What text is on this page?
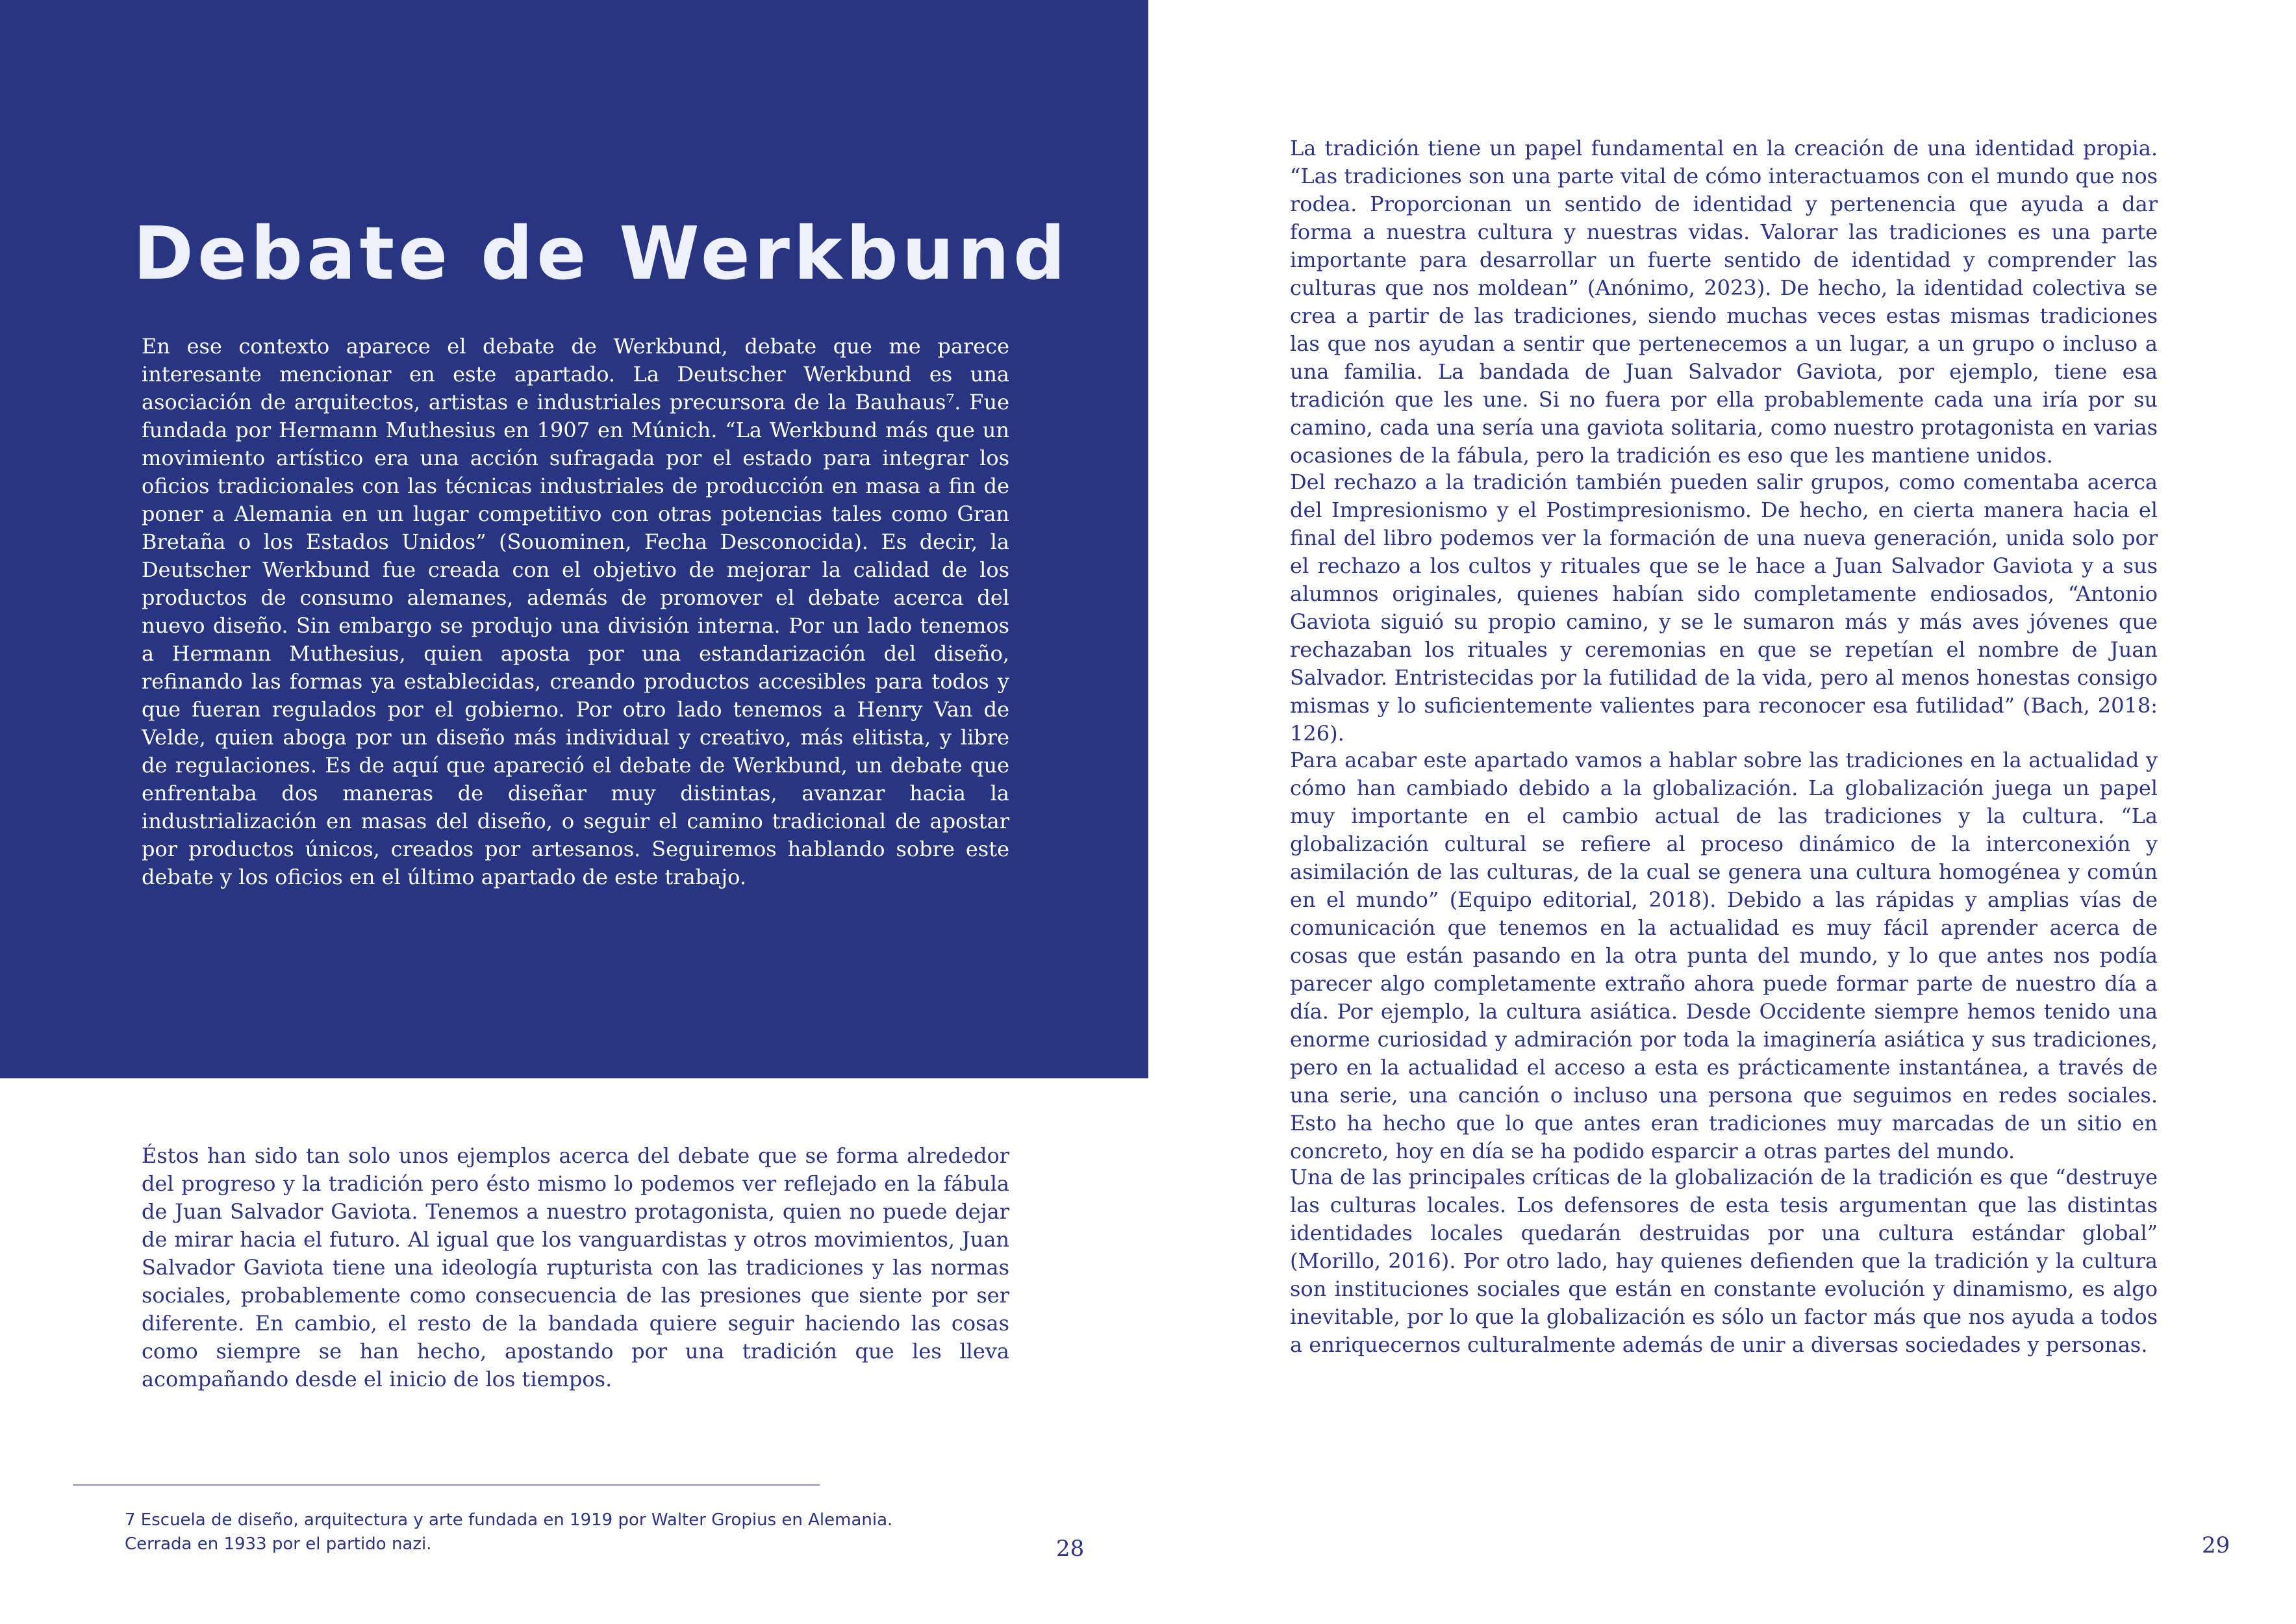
Debate de Werkbund

En ese contexto aparece el debate de Werkbund, debate que me parece interesante mencionar en este apartado. La Deutscher Werkbund es una asociación de arquitectos, artistas e industriales precursora de la Bauhaus⁷. Fue fundada por Hermann Muthesius en 1907 en Múnich. “La Werkbund más que un movimiento artístico era una acción sufragada por el estado para integrar los oficios tradicionales con las técnicas industriales de producción en masa a fin de poner a Alemania en un lugar competitivo con otras potencias tales como Gran Bretaña o los Estados Unidos” (Souominen, Fecha Desconocida). Es decir, la Deutscher Werkbund fue creada con el objetivo de mejorar la calidad de los productos de consumo alemanes, además de promover el debate acerca del nuevo diseño. Sin embargo se produjo una división interna. Por un lado tenemos a Hermann Muthesius, quien aposta por una estandarización del diseño, refinando las formas ya establecidas, creando productos accesibles para todos y que fueran regulados por el gobierno. Por otro lado tenemos a Henry Van de Velde, quien aboga por un diseño más individual y creativo, más elitista, y libre de regulaciones. Es de aquí que apareció el debate de Werkbund, un debate que enfrentaba dos maneras de diseñar muy distintas, avanzar hacia la industrialización en masas del diseño, o seguir el camino tradicional de apostar por productos únicos, creados por artesanos. Seguiremos hablando sobre este debate y los oficios en el último apartado de este trabajo.

Éstos han sido tan solo unos ejemplos acerca del debate que se forma alrededor del progreso y la tradición pero ésto mismo lo podemos ver reflejado en la fábula de Juan Salvador Gaviota. Tenemos a nuestro protagonista, quien no puede dejar de mirar hacia el futuro. Al igual que los vanguardistas y otros movimientos, Juan Salvador Gaviota tiene una ideología rupturista con las tradiciones y las normas sociales, probablemente como consecuencia de las presiones que siente por ser diferente. En cambio, el resto de la bandada quiere seguir haciendo las cosas como siempre se han hecho, apostando por una tradición que les lleva acompañando desde el inicio de los tiempos.

7 Escuela de diseño, arquitectura y arte fundada en 1919 por Walter Gropius en Alemania. Cerrada en 1933 por el partido nazi.	28

La tradición tiene un papel fundamental en la creación de una identidad propia. “Las tradiciones son una parte vital de cómo interactuamos con el mundo que nos rodea. Proporcionan un sentido de identidad y pertenencia que ayuda a dar forma a nuestra cultura y nuestras vidas. Valorar las tradiciones es una parte importante para desarrollar un fuerte sentido de identidad y comprender las culturas que nos moldean” (Anónimo, 2023). De hecho, la identidad colectiva se crea a partir de las tradiciones, siendo muchas veces estas mismas tradiciones las que nos ayudan a sentir que pertenecemos a un lugar, a un grupo o incluso a una familia. La bandada de Juan Salvador Gaviota, por ejemplo, tiene esa tradición que les une. Si no fuera por ella probablemente cada una iría por su camino, cada una sería una gaviota solitaria, como nuestro protagonista en varias ocasiones de la fábula, pero la tradición es eso que les mantiene unidos.

Del rechazo a la tradición también pueden salir grupos, como comentaba acerca del Impresionismo y el Postimpresionismo. De hecho, en cierta manera hacia el final del libro podemos ver la formación de una nueva generación, unida solo por el rechazo a los cultos y rituales que se le hace a Juan Salvador Gaviota y a sus alumnos originales, quienes habían sido completamente endiosados, “Antonio Gaviota siguió su propio camino, y se le sumaron más y más aves jóvenes que rechazaban los rituales y ceremonias en que se repetían el nombre de Juan Salvador. Entristecidas por la futilidad de la vida, pero al menos honestas consigo mismas y lo suficientemente valientes para reconocer esa futilidad” (Bach, 2018: 126).

Para acabar este apartado vamos a hablar sobre las tradiciones en la actualidad y cómo han cambiado debido a la globalización. La globalización juega un papel muy importante en el cambio actual de las tradiciones y la cultura. “La globalización cultural se refiere al proceso dinámico de la interconexión y asimilación de las culturas, de la cual se genera una cultura homogénea y común en el mundo” (Equipo editorial, 2018). Debido a las rápidas y amplias vías de comunicación que tenemos en la actualidad es muy fácil aprender acerca de cosas que están pasando en la otra punta del mundo, y lo que antes nos podía parecer algo completamente extraño ahora puede formar parte de nuestro día a día. Por ejemplo, la cultura asiática. Desde Occidente siempre hemos tenido una enorme curiosidad y admiración por toda la imaginería asiática y sus tradiciones, pero en la actualidad el acceso a esta es prácticamente instantánea, a través de una serie, una canción o incluso una persona que seguimos en redes sociales. Esto ha hecho que lo que antes eran tradiciones muy marcadas de un sitio en concreto, hoy en día se ha podido esparcir a otras partes del mundo.

Una de las principales críticas de la globalización de la tradición es que “destruye las culturas locales. Los defensores de esta tesis argumentan que las distintas identidades locales quedarán destruidas por una cultura estándar global” (Morillo, 2016). Por otro lado, hay quienes defienden que la tradición y la cultura son instituciones sociales que están en constante evolución y dinamismo, es algo inevitable, por lo que la globalización es sólo un factor más que nos ayuda a todos a enriquecernos culturalmente además de unir a diversas sociedades y personas.

29
